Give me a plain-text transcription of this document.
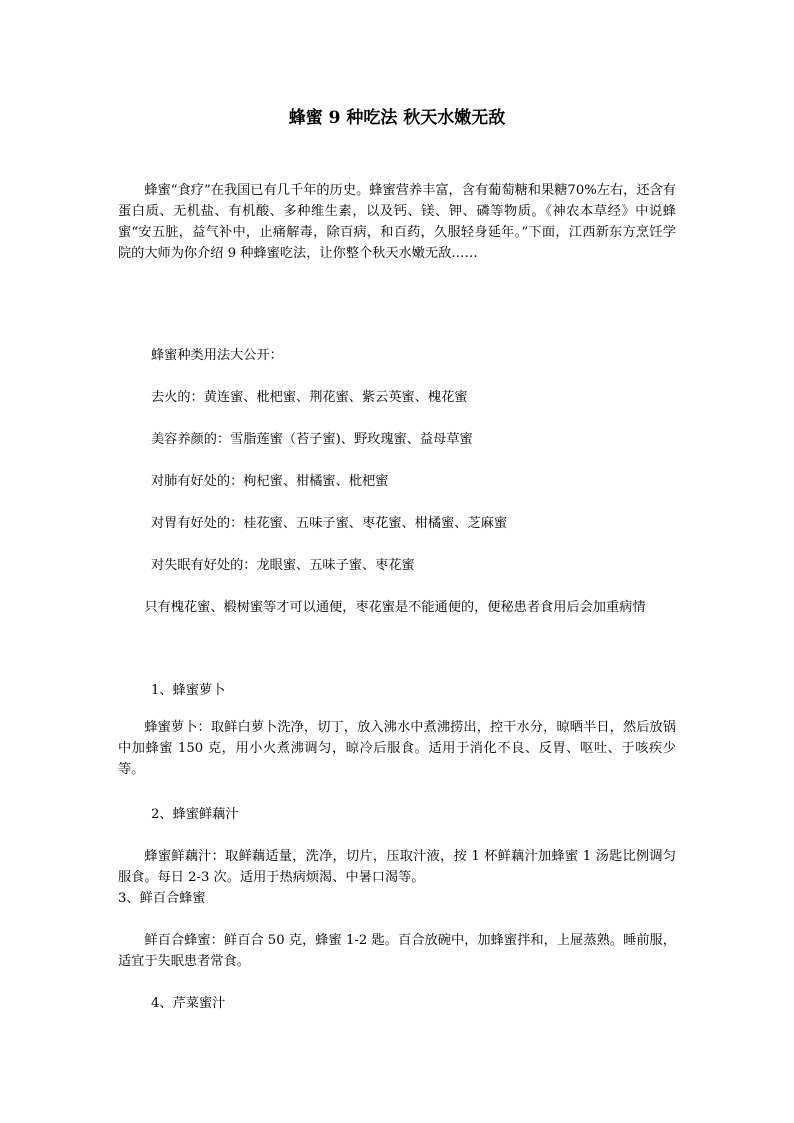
蜂蜜 9 种吃法 秋天水嫩无敌
蜂蜜“食疗”在我国已有几千年的历史。蜂蜜营养丰富，含有葡萄糖和果糖70%左右，还含有蛋白质、无机盐、有机酸、多种维生素，以及钙、镁、钾、磷等物质。《神农本草经》中说蜂蜜“安五脏，益气补中，止痛解毒，除百病，和百药，久服轻身延年。”下面，江西新东方烹饪学院的大师为你介绍 9 种蜂蜜吃法，让你整个秋天水嫩无敌……
蜂蜜种类用法大公开：
去火的：黄连蜜、枇杷蜜、荆花蜜、紫云英蜜、槐花蜜
美容养颜的：雪脂莲蜜（苔子蜜)、野玫瑰蜜、益母草蜜
对肺有好处的：枸杞蜜、柑橘蜜、枇杷蜜
对胃有好处的：桂花蜜、五味子蜜、枣花蜜、柑橘蜜、芝麻蜜
对失眠有好处的：龙眼蜜、五味子蜜、枣花蜜
只有槐花蜜、椴树蜜等才可以通便，枣花蜜是不能通便的，便秘患者食用后会加重病情
1、蜂蜜萝卜
蜂蜜萝卜：取鲜白萝卜洗净，切丁，放入沸水中煮沸捞出，控干水分，晾晒半日，然后放锅中加蜂蜜 150 克，用小火煮沸调匀，晾冷后服食。适用于消化不良、反胃、呕吐、于咳疾少等。
2、蜂蜜鲜藕汁
蜂蜜鲜藕汁：取鲜藕适量，洗净，切片，压取汁液，按 1 杯鲜藕汁加蜂蜜 1 汤匙比例调匀服食。每日 2-3 次。适用于热病烦渴、中暑口渴等。
3、鲜百合蜂蜜
鲜百合蜂蜜：鲜百合 50 克，蜂蜜 1-2 匙。百合放碗中，加蜂蜜拌和，上屉蒸熟。睡前服，适宜于失眠患者常食。
4、芹菜蜜汁
